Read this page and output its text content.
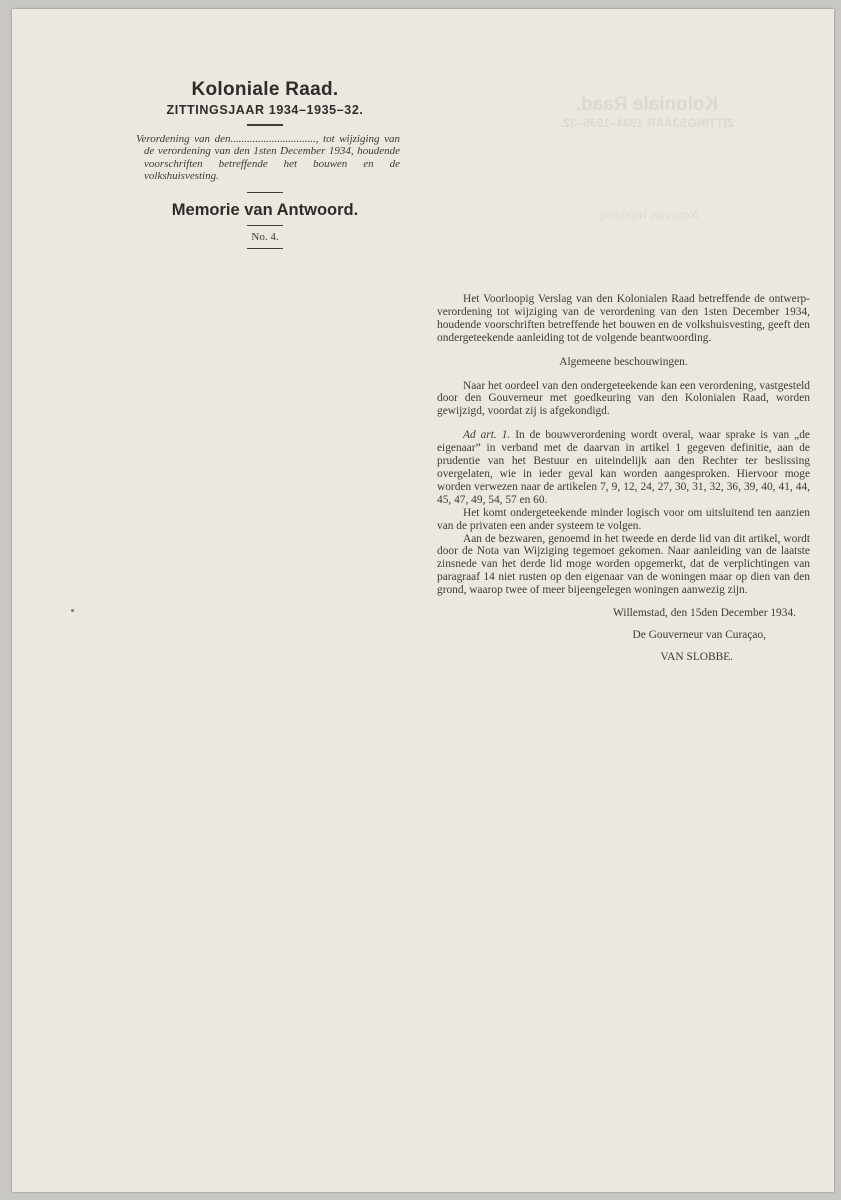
Koloniale Raad.
ZITTINGSJAAR 1934–1935–32.
Nota van Wijziging.
Koloniale Raad.
ZITTINGSJAAR 1934–1935–32.

Verordening van den..............................., tot wijziging van de verordening van den 1sten December 1934, houdende voorschriften betreffende het bouwen en de volkshuisvesting.

Memorie van Antwoord.
No. 4.

Het Voorloopig Verslag van den Kolonialen Raad betreffende de ontwerp-verordening tot wijziging van de verordening van den 1sten December 1934, houdende voorschriften betreffende het bouwen en de volkshuisvesting, geeft den ondergeteekende aanleiding tot de volgende beantwoording.

Algemeene beschouwingen.

Naar het oordeel van den ondergeteekende kan een verordening, vastgesteld door den Gouverneur met goedkeuring van den Kolonialen Raad, worden gewijzigd, voordat zij is afgekondigd.

Ad art. 1. In de bouwverordening wordt overal, waar sprake is van „de eigenaar” in verband met de daarvan in artikel 1 gegeven definitie, aan de prudentie van het Bestuur en uiteindelijk aan den Rechter ter beslissing overgelaten, wie in ieder geval kan worden aangesproken. Hiervoor moge worden verwezen naar de artikelen 7, 9, 12, 24, 27, 30, 31, 32, 36, 39, 40, 41, 44, 45, 47, 49, 54, 57 en 60.

Het komt ondergeteekende minder logisch voor om uitsluitend ten aanzien van de privaten een ander systeem te volgen.

Aan de bezwaren, genoemd in het tweede en derde lid van dit artikel, wordt door de Nota van Wijziging tegemoet gekomen. Naar aanleiding van de laatste zinsnede van het derde lid moge worden opgemerkt, dat de verplichtingen van paragraaf 14 niet rusten op den eigenaar van de woningen maar op dien van den grond, waarop twee of meer bijeengelegen woningen aanwezig zijn.

Willemstad, den 15den December 1934.

De Gouverneur van Curaçao,

VAN SLOBBE.
